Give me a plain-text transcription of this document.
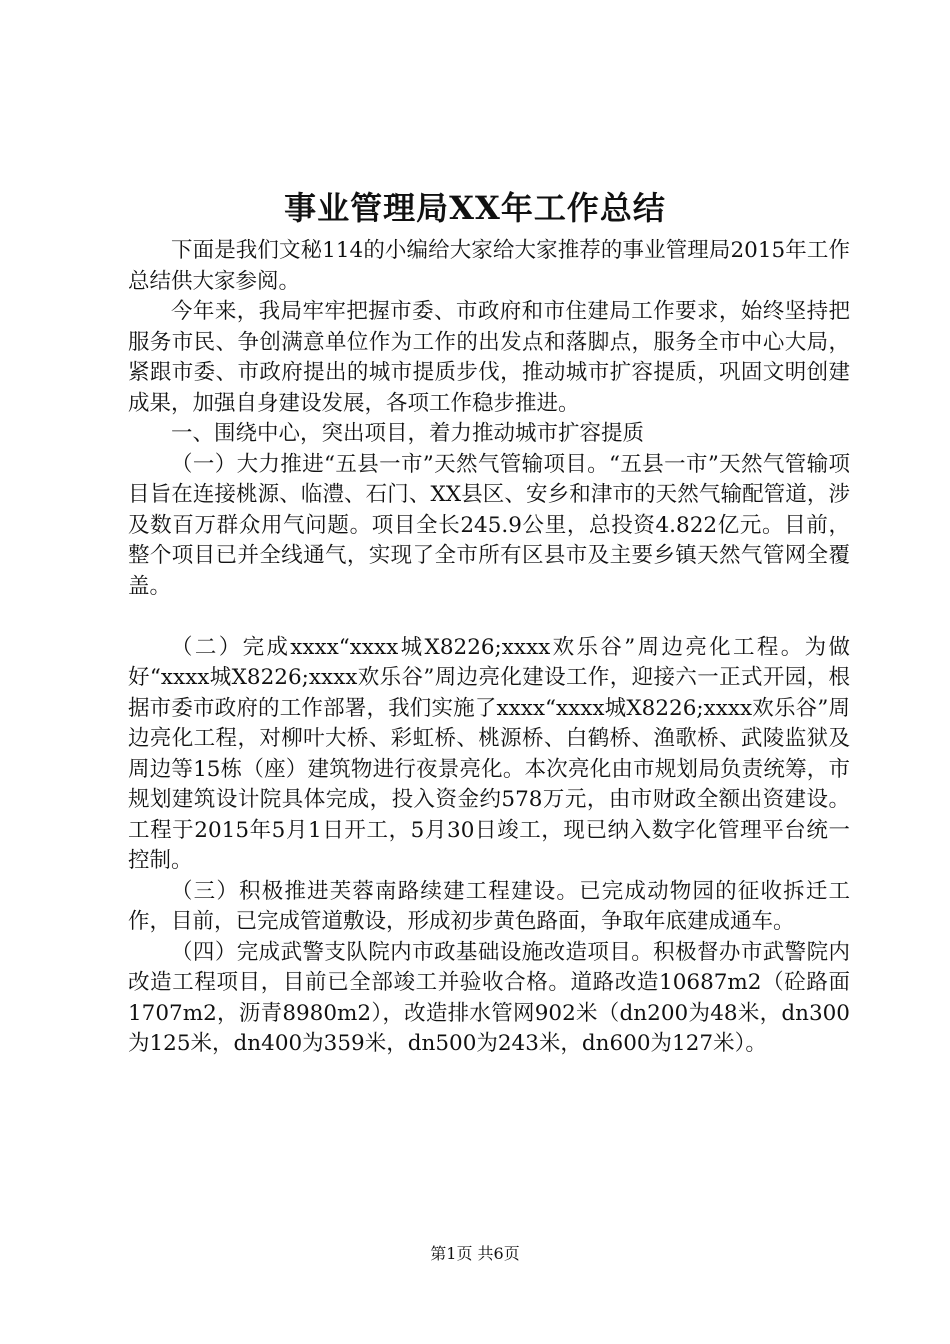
事业管理局XX年工作总结

下面是我们文秘114的小编给大家给大家推荐的事业管理局2015年工作总结供大家参阅。

今年来，我局牢牢把握市委、市政府和市住建局工作要求，始终坚持把服务市民、争创满意单位作为工作的出发点和落脚点，服务全市中心大局，紧跟市委、市政府提出的城市提质步伐，推动城市扩容提质，巩固文明创建成果，加强自身建设发展，各项工作稳步推进。

一、围绕中心，突出项目，着力推动城市扩容提质

（一）大力推进“五县一市”天然气管输项目。“五县一市”天然气管输项目旨在连接桃源、临澧、石门、XX县区、安乡和津市的天然气输配管道，涉及数百万群众用气问题。项目全长245.9公里，总投资4.822亿元。目前，整个项目已并全线通气，实现了全市所有区县市及主要乡镇天然气管网全覆盖。

（二）完成xxxx“xxxx城X8226;xxxx欢乐谷”周边亮化工程。为做好“xxxx城X8226;xxxx欢乐谷”周边亮化建设工作，迎接六一正式开园，根据市委市政府的工作部署，我们实施了xxxx“xxxx城X8226;xxxx欢乐谷”周边亮化工程，对柳叶大桥、彩虹桥、桃源桥、白鹤桥、渔歌桥、武陵监狱及周边等15栋（座）建筑物进行夜景亮化。本次亮化由市规划局负责统筹，市规划建筑设计院具体完成，投入资金约578万元，由市财政全额出资建设。工程于2015年5月1日开工，5月30日竣工，现已纳入数字化管理平台统一控制。

（三）积极推进芙蓉南路续建工程建设。已完成动物园的征收拆迁工作，目前，已完成管道敷设，形成初步黄色路面，争取年底建成通车。

（四）完成武警支队院内市政基础设施改造项目。积极督办市武警院内改造工程项目，目前已全部竣工并验收合格。道路改造10687m2（砼路面1707m2，沥青8980m2），改造排水管网902米（dn200为48米，dn300为125米，dn400为359米，dn500为243米，dn600为127米）。

第1页 共6页
